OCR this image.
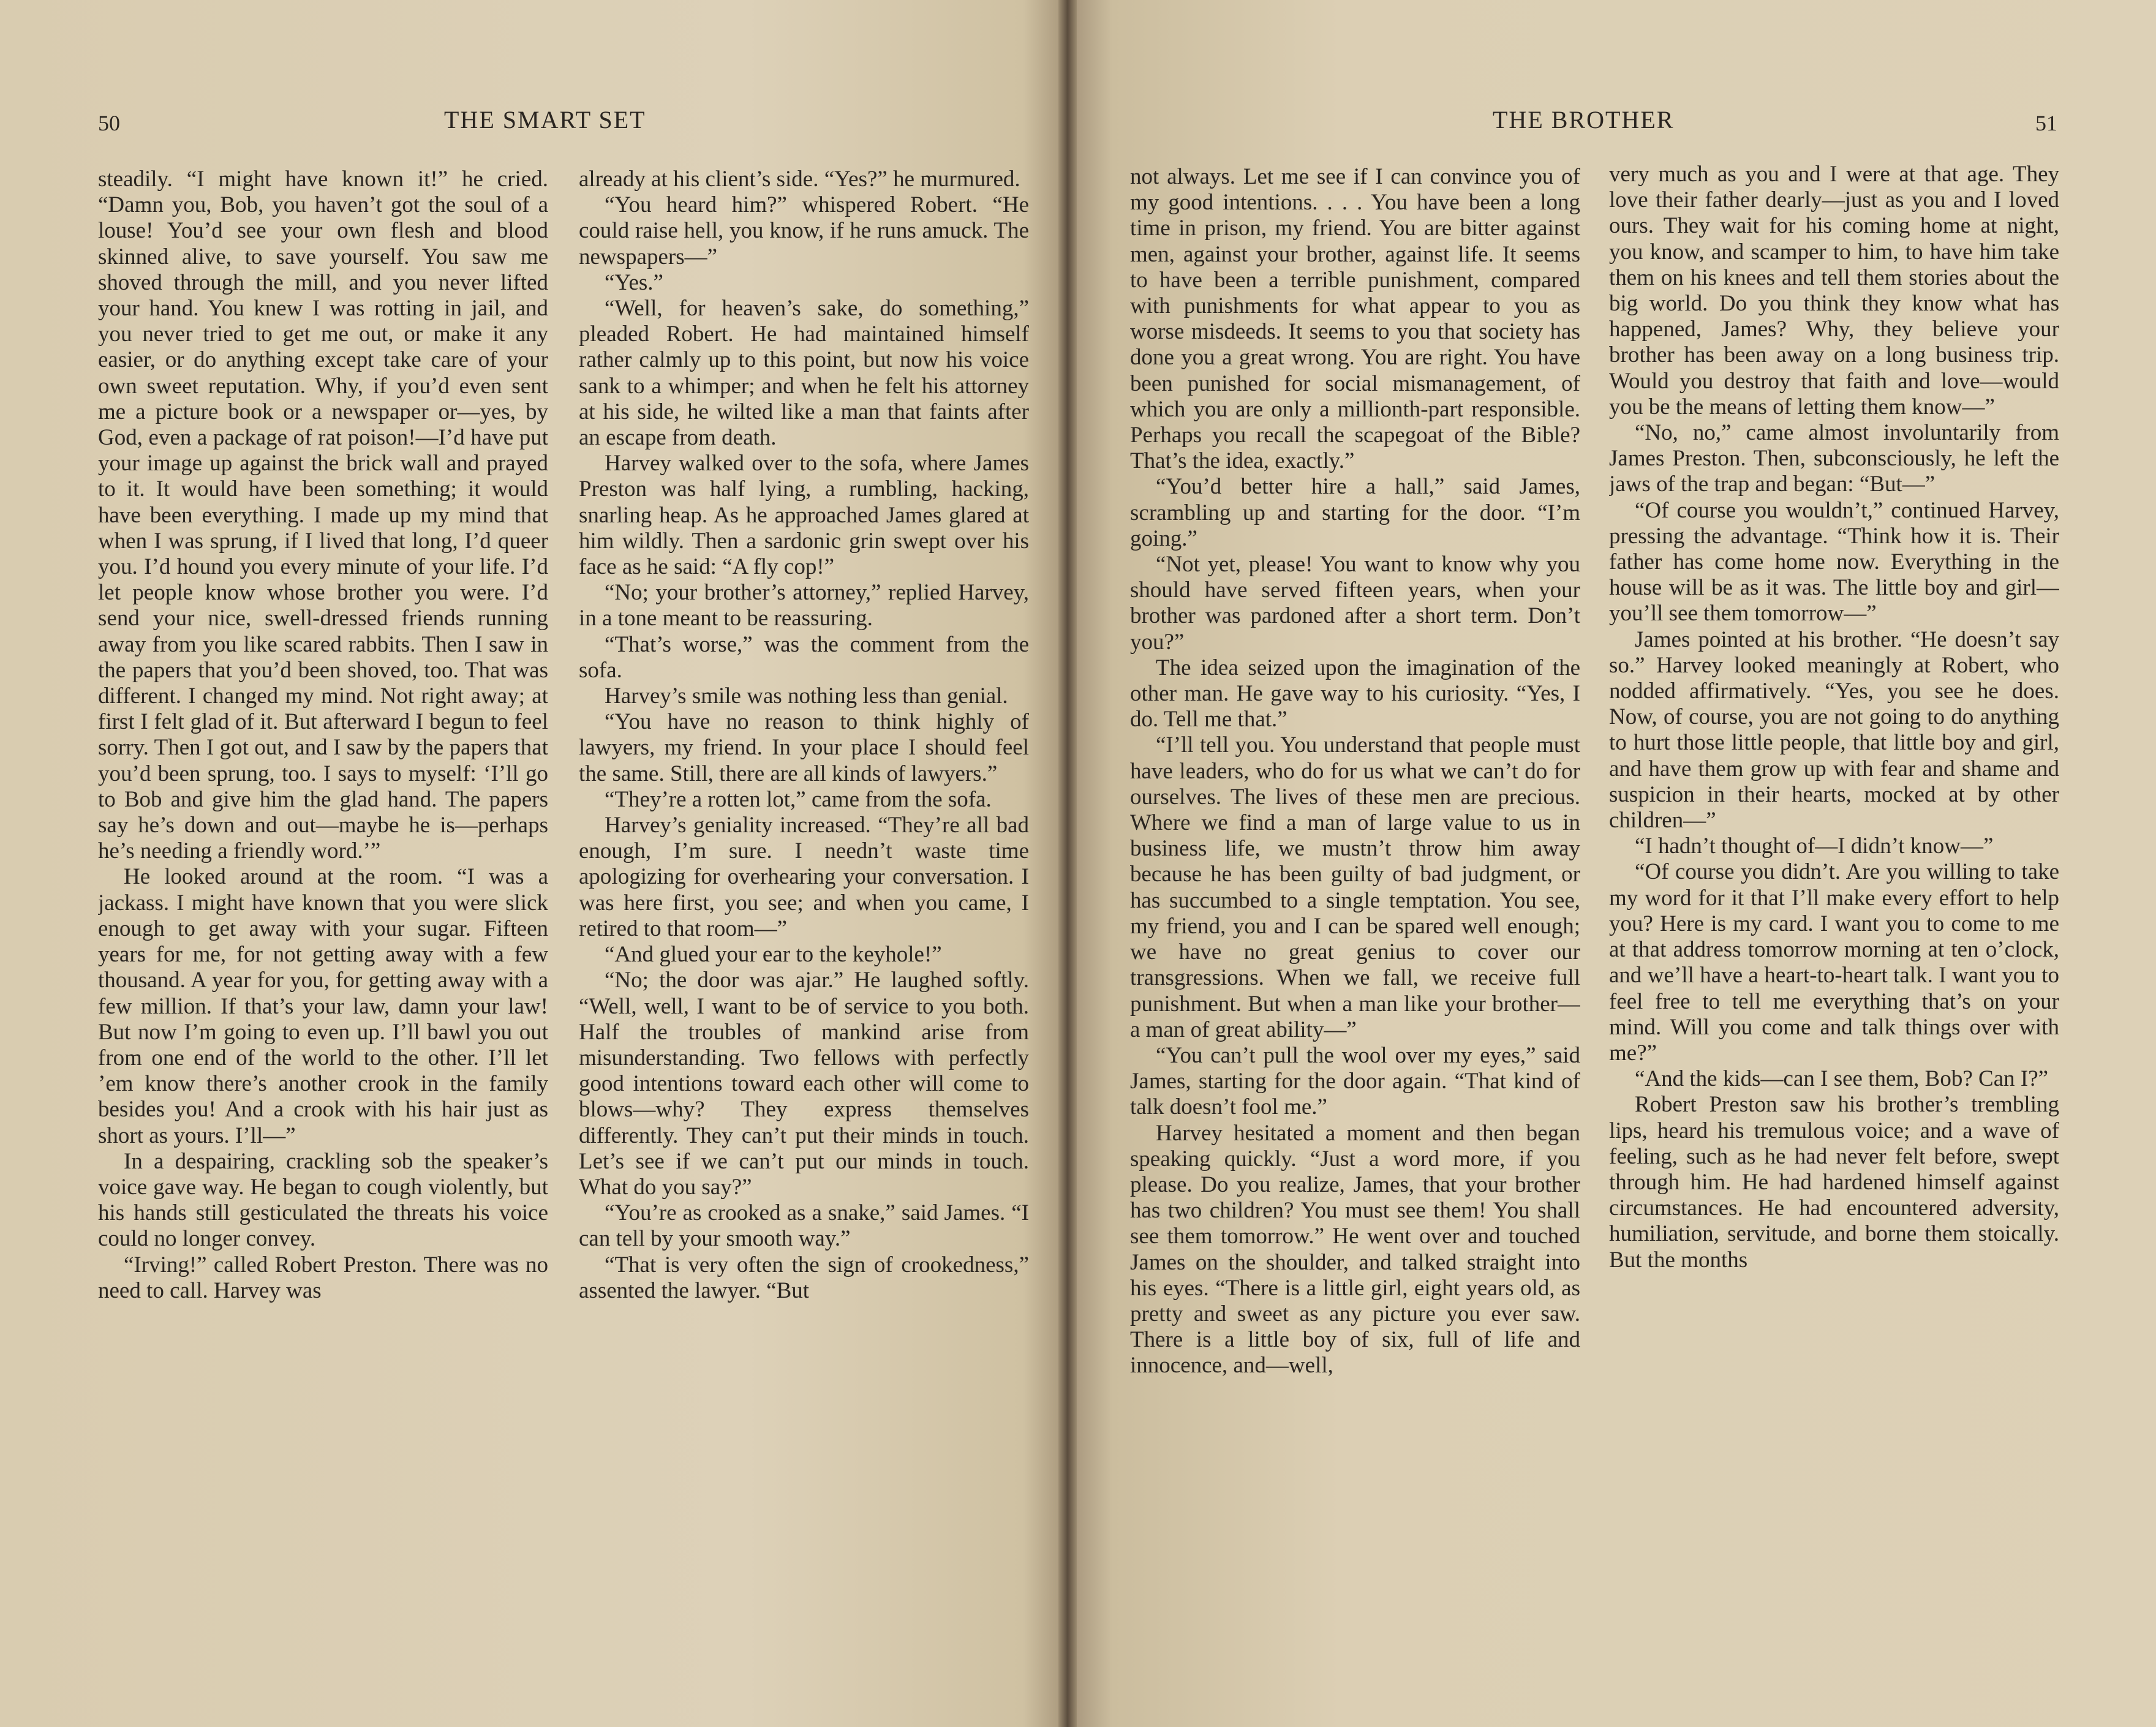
50	THE SMART SET

steadily. “I might have known it!” he cried. “Damn you, Bob, you haven’t got the soul of a louse! You’d see your own flesh and blood skinned alive, to save yourself. You saw me shoved through the mill, and you never lifted your hand. You knew I was rotting in jail, and you never tried to get me out, or make it any easier, or do anything except take care of your own sweet reputation. Why, if you’d even sent me a picture book or a newspaper or—yes, by God, even a package of rat poison!—I’d have put your image up against the brick wall and prayed to it. It would have been something; it would have been everything. I made up my mind that when I was sprung, if I lived that long, I’d queer you. I’d hound you every minute of your life. I’d let people know whose brother you were. I’d send your nice, swell-dressed friends running away from you like scared rabbits. Then I saw in the papers that you’d been shoved, too. That was different. I changed my mind. Not right away; at first I felt glad of it. But afterward I begun to feel sorry. Then I got out, and I saw by the papers that you’d been sprung, too. I says to myself: ‘I’ll go to Bob and give him the glad hand. The papers say he’s down and out—maybe he is—perhaps he’s needing a friendly word.’”

He looked around at the room. “I was a jackass. I might have known that you were slick enough to get away with your sugar. Fifteen years for me, for not getting away with a few thousand. A year for you, for getting away with a few million. If that’s your law, damn your law! But now I’m going to even up. I’ll bawl you out from one end of the world to the other. I’ll let ’em know there’s another crook in the family besides you! And a crook with his hair just as short as yours. I’ll—”

In a despairing, crackling sob the speaker’s voice gave way. He began to cough violently, but his hands still gesticulated the threats his voice could no longer convey.

“Irving!” called Robert Preston. There was no need to call. Harvey was

already at his client’s side. “Yes?” he murmured.

“You heard him?” whispered Robert. “He could raise hell, you know, if he runs amuck. The newspapers—”

“Yes.”

“Well, for heaven’s sake, do something,” pleaded Robert. He had maintained himself rather calmly up to this point, but now his voice sank to a whimper; and when he felt his attorney at his side, he wilted like a man that faints after an escape from death.

Harvey walked over to the sofa, where James Preston was half lying, a rumbling, hacking, snarling heap. As he approached James glared at him wildly. Then a sardonic grin swept over his face as he said: “A fly cop!”

“No; your brother’s attorney,” replied Harvey, in a tone meant to be reassuring.

“That’s worse,” was the comment from the sofa.

Harvey’s smile was nothing less than genial.

“You have no reason to think highly of lawyers, my friend. In your place I should feel the same. Still, there are all kinds of lawyers.”

“They’re a rotten lot,” came from the sofa.

Harvey’s geniality increased. “They’re all bad enough, I’m sure. I needn’t waste time apologizing for overhearing your conversation. I was here first, you see; and when you came, I retired to that room—”

“And glued your ear to the keyhole!”

“No; the door was ajar.” He laughed softly. “Well, well, I want to be of service to you both. Half the troubles of mankind arise from misunderstanding. Two fellows with perfectly good intentions toward each other will come to blows—why? They express themselves differently. They can’t put their minds in touch. Let’s see if we can’t put our minds in touch. What do you say?”

“You’re as crooked as a snake,” said James. “I can tell by your smooth way.”

“That is very often the sign of crookedness,” assented the lawyer. “But

THE BROTHER	51

not always. Let me see if I can convince you of my good intentions. . . . You have been a long time in prison, my friend. You are bitter against men, against your brother, against life. It seems to have been a terrible punishment, compared with punishments for what appear to you as worse misdeeds. It seems to you that society has done you a great wrong. You are right. You have been punished for social mismanagement, of which you are only a millionth-part responsible. Perhaps you recall the scapegoat of the Bible? That’s the idea, exactly.”

“You’d better hire a hall,” said James, scrambling up and starting for the door. “I’m going.”

“Not yet, please! You want to know why you should have served fifteen years, when your brother was pardoned after a short term. Don’t you?”

The idea seized upon the imagination of the other man. He gave way to his curiosity. “Yes, I do. Tell me that.”

“I’ll tell you. You understand that people must have leaders, who do for us what we can’t do for ourselves. The lives of these men are precious. Where we find a man of large value to us in business life, we mustn’t throw him away because he has been guilty of bad judgment, or has succumbed to a single temptation. You see, my friend, you and I can be spared well enough; we have no great genius to cover our transgressions. When we fall, we receive full punishment. But when a man like your brother—a man of great ability—”

“You can’t pull the wool over my eyes,” said James, starting for the door again. “That kind of talk doesn’t fool me.”

Harvey hesitated a moment and then began speaking quickly. “Just a word more, if you please. Do you realize, James, that your brother has two children? You must see them! You shall see them tomorrow.” He went over and touched James on the shoulder, and talked straight into his eyes. “There is a little girl, eight years old, as pretty and sweet as any picture you ever saw. There is a little boy of six, full of life and innocence, and—well,

very much as you and I were at that age. They love their father dearly—just as you and I loved ours. They wait for his coming home at night, you know, and scamper to him, to have him take them on his knees and tell them stories about the big world. Do you think they know what has happened, James? Why, they believe your brother has been away on a long business trip. Would you destroy that faith and love—would you be the means of letting them know—”

“No, no,” came almost involuntarily from James Preston. Then, subconsciously, he left the jaws of the trap and began: “But—”

“Of course you wouldn’t,” continued Harvey, pressing the advantage. “Think how it is. Their father has come home now. Everything in the house will be as it was. The little boy and girl—you’ll see them tomorrow—”

James pointed at his brother. “He doesn’t say so.” Harvey looked meaningly at Robert, who nodded affirmatively. “Yes, you see he does. Now, of course, you are not going to do anything to hurt those little people, that little boy and girl, and have them grow up with fear and shame and suspicion in their hearts, mocked at by other children—”

“I hadn’t thought of—I didn’t know—”

“Of course you didn’t. Are you willing to take my word for it that I’ll make every effort to help you? Here is my card. I want you to come to me at that address tomorrow morning at ten o’clock, and we’ll have a heart-to-heart talk. I want you to feel free to tell me everything that’s on your mind. Will you come and talk things over with me?”

“And the kids—can I see them, Bob? Can I?”

Robert Preston saw his brother’s trembling lips, heard his tremulous voice; and a wave of feeling, such as he had never felt before, swept through him. He had hardened himself against circumstances. He had encountered adversity, humiliation, servitude, and borne them stoically. But the months
